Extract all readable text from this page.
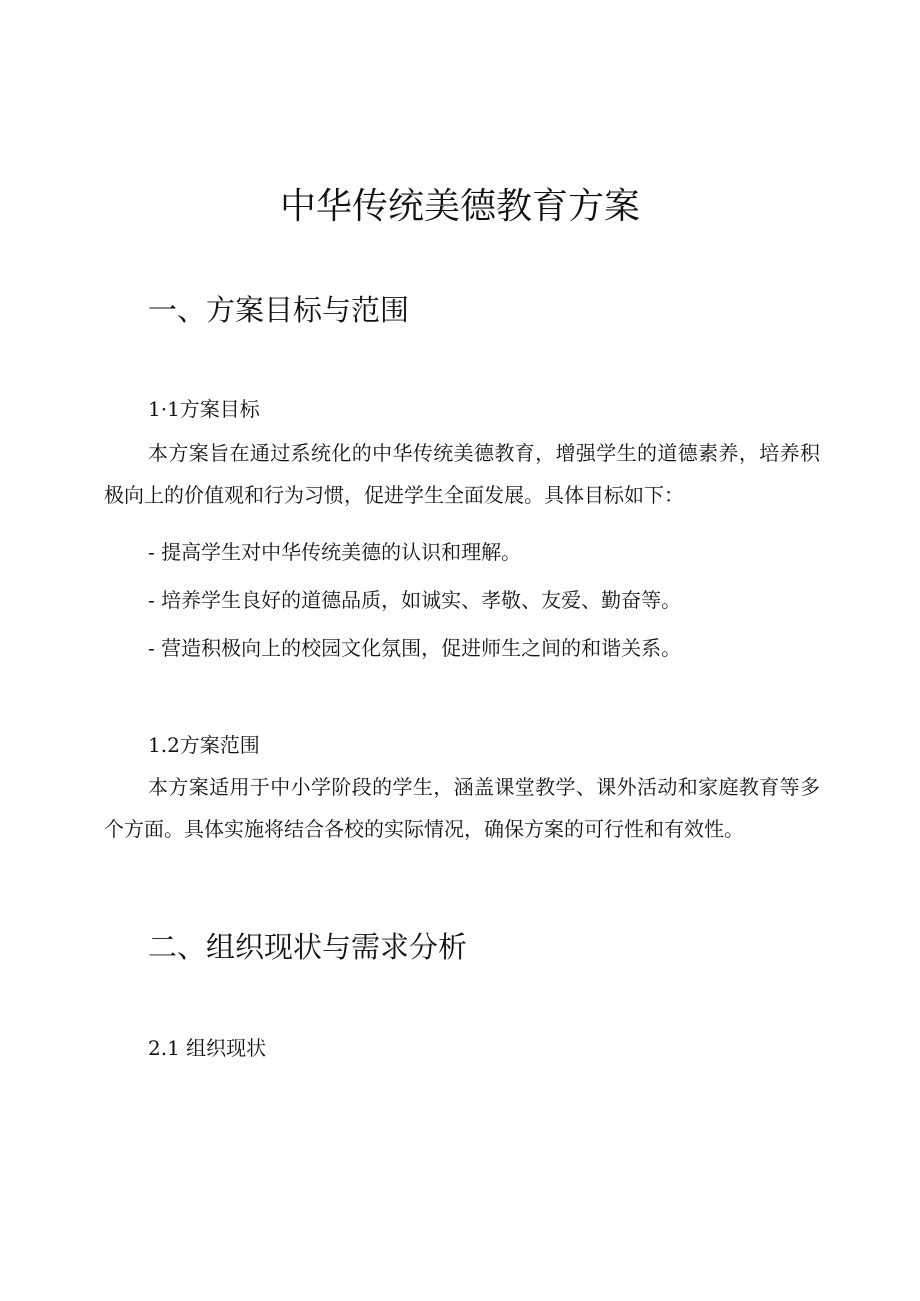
中华传统美德教育方案
一、方案目标与范围
1·1方案目标
本方案旨在通过系统化的中华传统美德教育，增强学生的道德素养，培养积极向上的价值观和行为习惯，促进学生全面发展。具体目标如下：
- 提高学生对中华传统美德的认识和理解。
- 培养学生良好的道德品质，如诚实、孝敬、友爱、勤奋等。
- 营造积极向上的校园文化氛围，促进师生之间的和谐关系。
1.2方案范围
本方案适用于中小学阶段的学生，涵盖课堂教学、课外活动和家庭教育等多个方面。具体实施将结合各校的实际情况，确保方案的可行性和有效性。
二、组织现状与需求分析
2.1 组织现状
